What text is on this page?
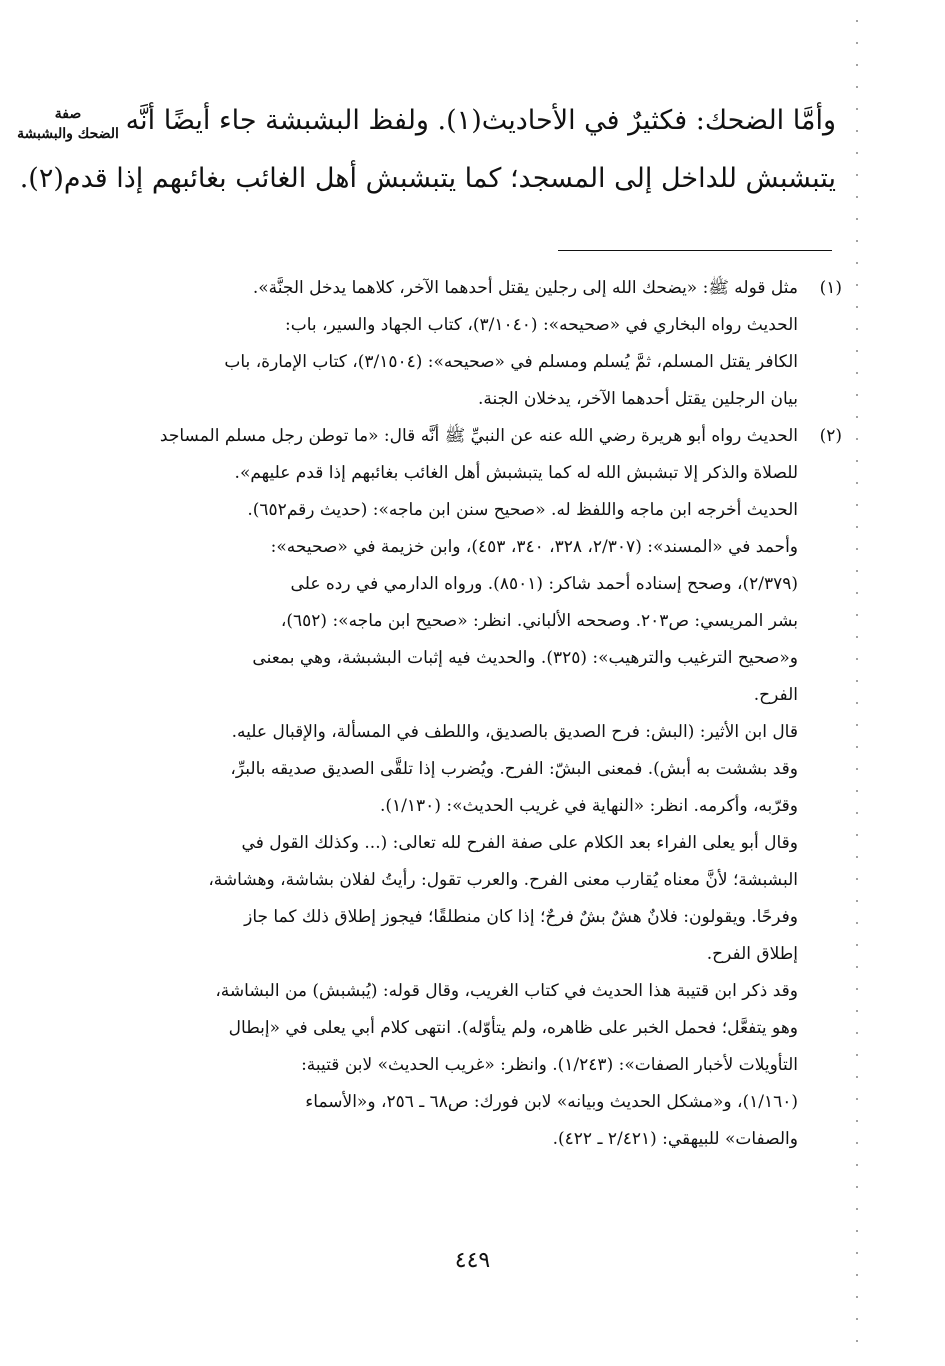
صفة
الضحك والبشبشة وأمَّا الضحك: فكثيرٌ في الأحاديث(١). ولفظ البشبشة جاء أيضًا أنَّه
يتبشبش للداخل إلى المسجد؛ كما يتبشبش أهل الغائب بغائبهم إذا قدم(٢).
(١)
مثل قوله ﷺ: «يضحك الله إلى رجلين يقتل أحدهما الآخر، كلاهما يدخل الجنَّة».
الحديث رواه البخاري في «صحيحه»: (٣/١٠٤٠)، كتاب الجهاد والسير، باب:
الكافر يقتل المسلم، ثمَّ يُسلم ومسلم في «صحيحه»: (٣/١٥٠٤)، كتاب الإمارة، باب
بيان الرجلين يقتل أحدهما الآخر، يدخلان الجنة.
(٢)
الحديث رواه أبو هريرة رضي الله عنه عن النبيِّ ﷺ أنَّه قال: «ما توطن رجل مسلم المساجد
للصلاة والذكر إلا تبشبش الله له كما يتبشبش أهل الغائب بغائبهم إذا قدم عليهم».
الحديث أخرجه ابن ماجه واللفظ له. «صحيح سنن ابن ماجه»: (حديث رقم٦٥٢).
وأحمد في «المسند»: (٢/٣٠٧، ٣٢٨، ٣٤٠، ٤٥٣)، وابن خزيمة في «صحيحه»:
(٢/٣٧٩)، وصحح إسناده أحمد شاكر: (٨٥٠١). ورواه الدارمي في رده على
بشر المريسي: ص٢٠٣. وصححه الألباني. انظر: «صحيح ابن ماجه»: (٦٥٢)،
و«صحيح الترغيب والترهيب»: (٣٢٥). والحديث فيه إثبات البشبشة، وهي بمعنى
الفرح.
قال ابن الأثير: (البش: فرح الصديق بالصديق، واللطف في المسألة، والإقبال عليه.
وقد بششت به أبش). فمعنى البشّ: الفرح. ويُضرب إذا تلقَّى الصديق صديقه بالبرِّ،
وقرّبه، وأكرمه. انظر: «النهاية في غريب الحديث»: (١/١٣٠).
وقال أبو يعلى الفراء بعد الكلام على صفة الفرح لله تعالى: (... وكذلك القول في
البشبشة؛ لأنَّ معناه يُقارب معنى الفرح. والعرب تقول: رأيتُ لفلان بشاشة، وهشاشة،
وفرحًا. ويقولون: فلانٌ هشٌ بشٌ فرحٌ؛ إذا كان منطلقًا؛ فيجوز إطلاق ذلك كما جاز
إطلاق الفرح.
وقد ذكر ابن قتيبة هذا الحديث في كتاب الغريب، وقال قوله: (يُبشبش) من البشاشة،
وهو يتفعَّل؛ فحمل الخبر على ظاهره، ولم يتأوّله). انتهى كلام أبي يعلى في «إبطال
التأويلات لأخبار الصفات»: (١/٢٤٣). وانظر: «غريب الحديث» لابن قتيبة:
(١/١٦٠)، و«مشكل الحديث وبيانه» لابن فورك: ص٦٨ ـ ٢٥٦، و«الأسماء
والصفات» للبيهقي: (٢/٤٢١ ـ ٤٢٢).
٤٤٩
